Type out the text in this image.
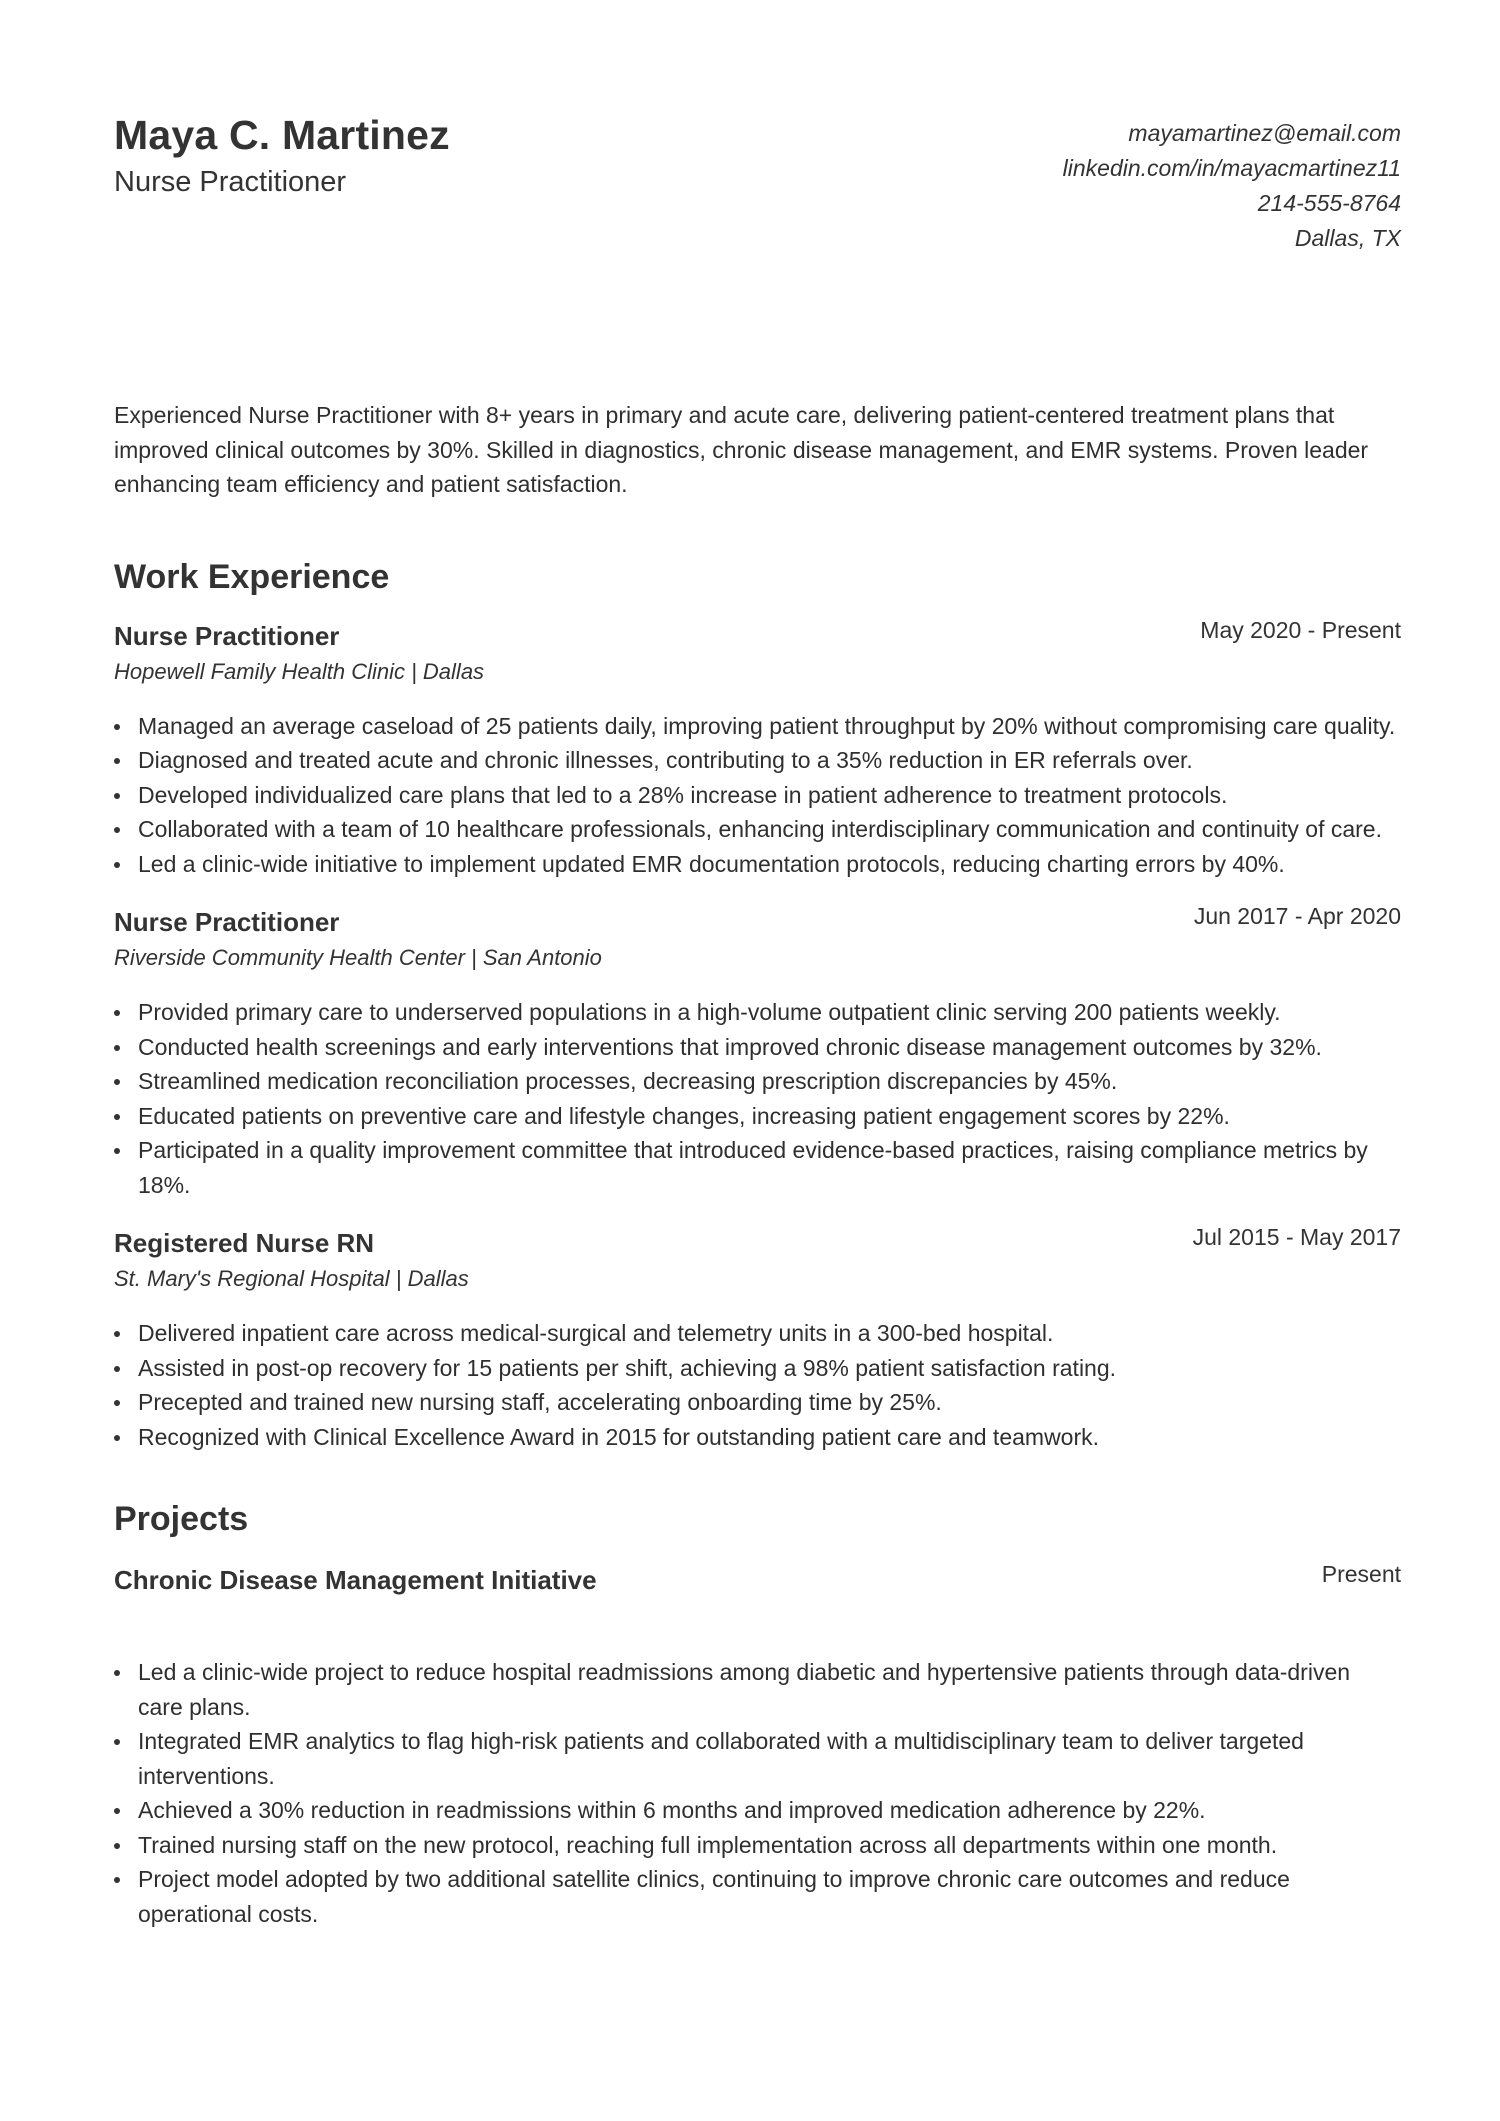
Maya C. Martinez
Nurse Practitioner
mayamartinez@email.com
linkedin.com/in/mayacmartinez11
214-555-8764
Dallas, TX
Experienced Nurse Practitioner with 8+ years in primary and acute care, delivering patient-centered treatment plans that improved clinical outcomes by 30%. Skilled in diagnostics, chronic disease management, and EMR systems. Proven leader enhancing team efficiency and patient satisfaction.
Work Experience
Nurse Practitioner	May 2020 - Present
Hopewell Family Health Clinic | Dallas
Managed an average caseload of 25 patients daily, improving patient throughput by 20% without compromising care quality.
Diagnosed and treated acute and chronic illnesses, contributing to a 35% reduction in ER referrals over.
Developed individualized care plans that led to a 28% increase in patient adherence to treatment protocols.
Collaborated with a team of 10 healthcare professionals, enhancing interdisciplinary communication and continuity of care.
Led a clinic-wide initiative to implement updated EMR documentation protocols, reducing charting errors by 40%.
Nurse Practitioner	Jun 2017 - Apr 2020
Riverside Community Health Center | San Antonio
Provided primary care to underserved populations in a high-volume outpatient clinic serving 200 patients weekly.
Conducted health screenings and early interventions that improved chronic disease management outcomes by 32%.
Streamlined medication reconciliation processes, decreasing prescription discrepancies by 45%.
Educated patients on preventive care and lifestyle changes, increasing patient engagement scores by 22%.
Participated in a quality improvement committee that introduced evidence-based practices, raising compliance metrics by 18%.
Registered Nurse RN	Jul 2015 - May 2017
St. Mary's Regional Hospital | Dallas
Delivered inpatient care across medical-surgical and telemetry units in a 300-bed hospital.
Assisted in post-op recovery for 15 patients per shift, achieving a 98% patient satisfaction rating.
Precepted and trained new nursing staff, accelerating onboarding time by 25%.
Recognized with Clinical Excellence Award in 2015 for outstanding patient care and teamwork.
Projects
Chronic Disease Management Initiative	Present
Led a clinic-wide project to reduce hospital readmissions among diabetic and hypertensive patients through data-driven care plans.
Integrated EMR analytics to flag high-risk patients and collaborated with a multidisciplinary team to deliver targeted interventions.
Achieved a 30% reduction in readmissions within 6 months and improved medication adherence by 22%.
Trained nursing staff on the new protocol, reaching full implementation across all departments within one month.
Project model adopted by two additional satellite clinics, continuing to improve chronic care outcomes and reduce operational costs.
